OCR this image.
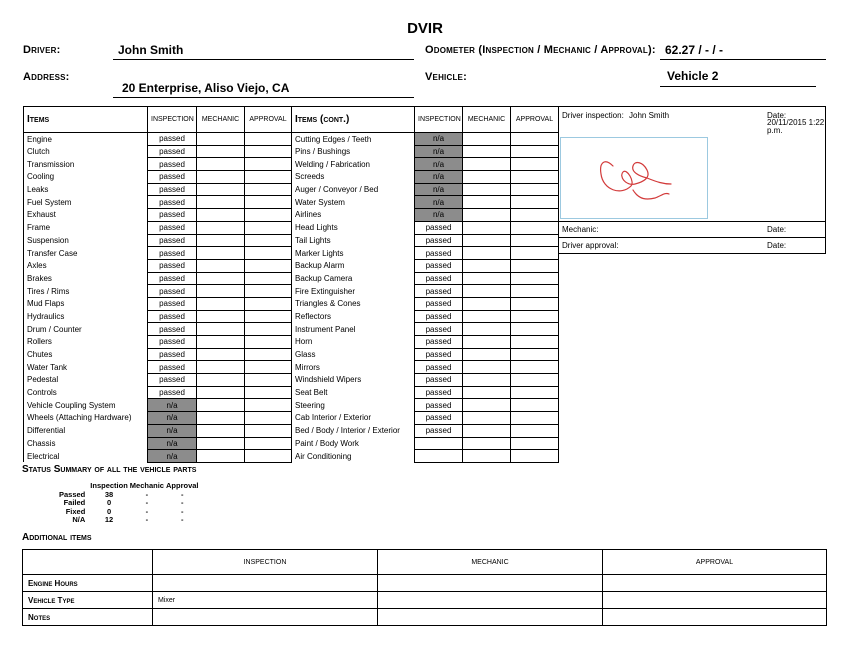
DVIR
Driver:	John Smith	Odometer (Inspection / Mechanic / Approval): 62.27 / - / -
Address:
20 Enterprise, Aliso Viejo, CA
Vehicle:	Vehicle 2
Items	INSPECTION	MECHANIC	APPROVAL
Engine	passed		
Clutch	passed		
Transmission	passed		
Cooling	passed		
Leaks	passed		
Fuel System	passed		
Exhaust	passed		
Frame	passed		
Suspension	passed		
Transfer Case	passed		
Axles	passed		
Brakes	passed		
Tires / Rims	passed		
Mud Flaps	passed		
Hydraulics	passed		
Drum / Counter	passed		
Rollers	passed		
Chutes	passed		
Water Tank	passed		
Pedestal	passed		
Controls	passed		
Vehicle Coupling System	n/a		
Wheels (Attaching Hardware)	n/a		
Differential	n/a		
Chassis	n/a		
Electrical	n/a		
Items (cont.)	INSPECTION	MECHANIC	APPROVAL
Cutting Edges / Teeth	n/a		
Pins / Bushings	n/a		
Welding / Fabrication	n/a		
Screeds	n/a		
Auger / Conveyor / Bed	n/a		
Water System	n/a		
Airlines	n/a		
Head Lights	passed		
Tail Lights	passed		
Marker Lights	passed		
Backup Alarm	passed		
Backup Camera	passed		
Fire Extinguisher	passed		
Triangles & Cones	passed		
Reflectors	passed		
Instrument Panel	passed		
Horn	passed		
Glass	passed		
Mirrors	passed		
Windshield Wipers	passed		
Seat Belt	passed		
Steering	passed		
Cab Interior / Exterior	passed		
Bed / Body / Interior / Exterior	passed		
Paint / Body Work			
Air Conditioning			
Driver inspection: John Smith	Date:
20/11/2015 1:22 p.m.
Mechanic:	Date:
Driver approval:	Date:
Status Summary of all the vehicle parts
	Inspection	Mechanic	Approval
Passed	38	-	-
Failed	0	-	-
Fixed	0	-	-
N/A	12	-	-
Additional items
	INSPECTION	MECHANIC	APPROVAL
Engine Hours			
Vehicle Type	Mixer		
Notes			
